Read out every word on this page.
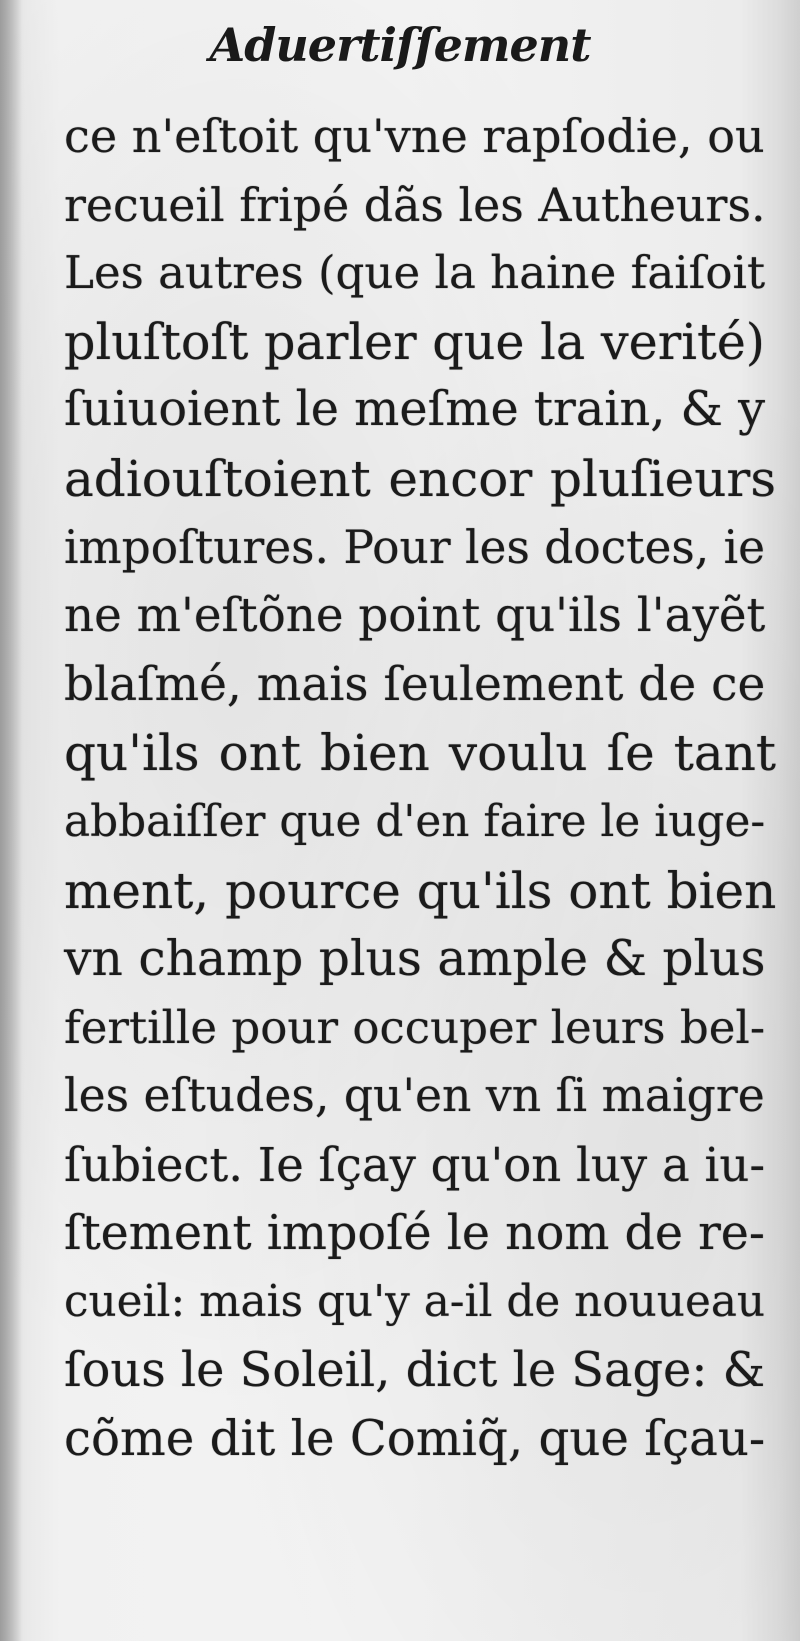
Aduertiſſement
ce n'eſtoit qu'vne rapſodie, ou
recueil fripé dãs les Autheurs.
Les autres (que la haine faiſoit
pluſtoſt parler que la verité)
ſuiuoient le meſme train, & y
adiouſtoient encor pluſieurs
impoſtures. Pour les doctes, ie
ne m'eſtõne point qu'ils l'ayẽt
blaſmé, mais ſeulement de ce
qu'ils ont bien voulu ſe tant
abbaiſſer que d'en faire le iuge-
ment, pource qu'ils ont bien
vn champ plus ample & plus
fertille pour occuper leurs bel-
les eſtudes, qu'en vn ſi maigre
ſubiect. Ie ſçay qu'on luy a iu-
ſtement impoſé le nom de re-
cueil: mais qu'y a-il de nouueau
ſous le Soleil, dict le Sage: &
cõme dit le Comiq̃, que ſçau-
